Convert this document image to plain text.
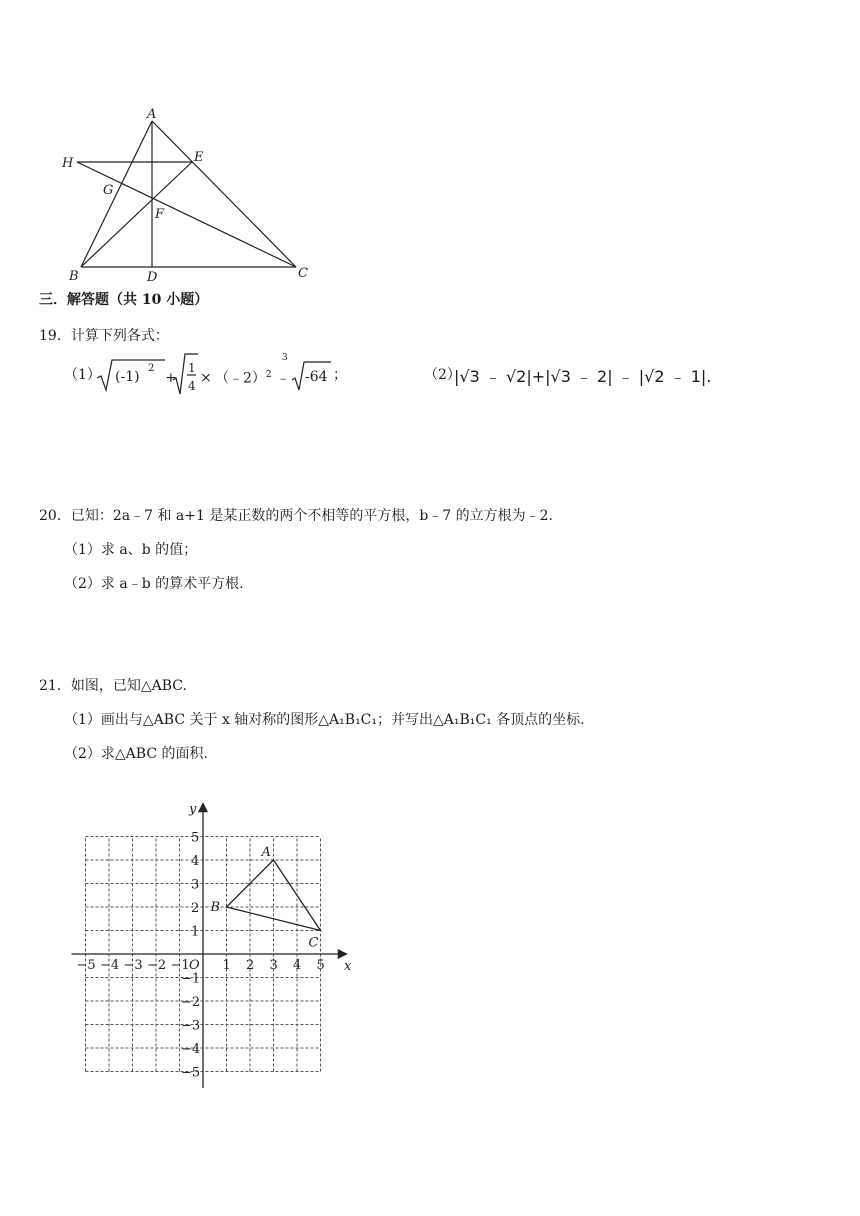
A
H	E
G
F
B	D	C
三．解答题（共 10 小题）
19．计算下列各式：
（1） (-1)
2
+
1
4 ×
3
-64
（﹣2）$^2$ ﹣	；	（2）
|√3 ﹣ √2|+|√3 ﹣ 2| ﹣ |√2 ﹣ 1|.
20．已知：2a﹣7 和 a+1 是某正数的两个不相等的平方根，b﹣7 的立方根为﹣2.
（1）求 a、b 的值；
（2）求 a﹣b 的算术平方根.
21．如图，已知△ABC.
（1）画出与△ABC 关于 x 轴对称的图形△A₁B₁C₁；并写出△A₁B₁C₁ 各顶点的坐标.
（2）求△ABC 的面积.
−5 −4 −3 −2 −1	1 2 3 4 5
5
4
3
2
1
−1
−2
−3
−4
−5
O	x
y
A
B
C
